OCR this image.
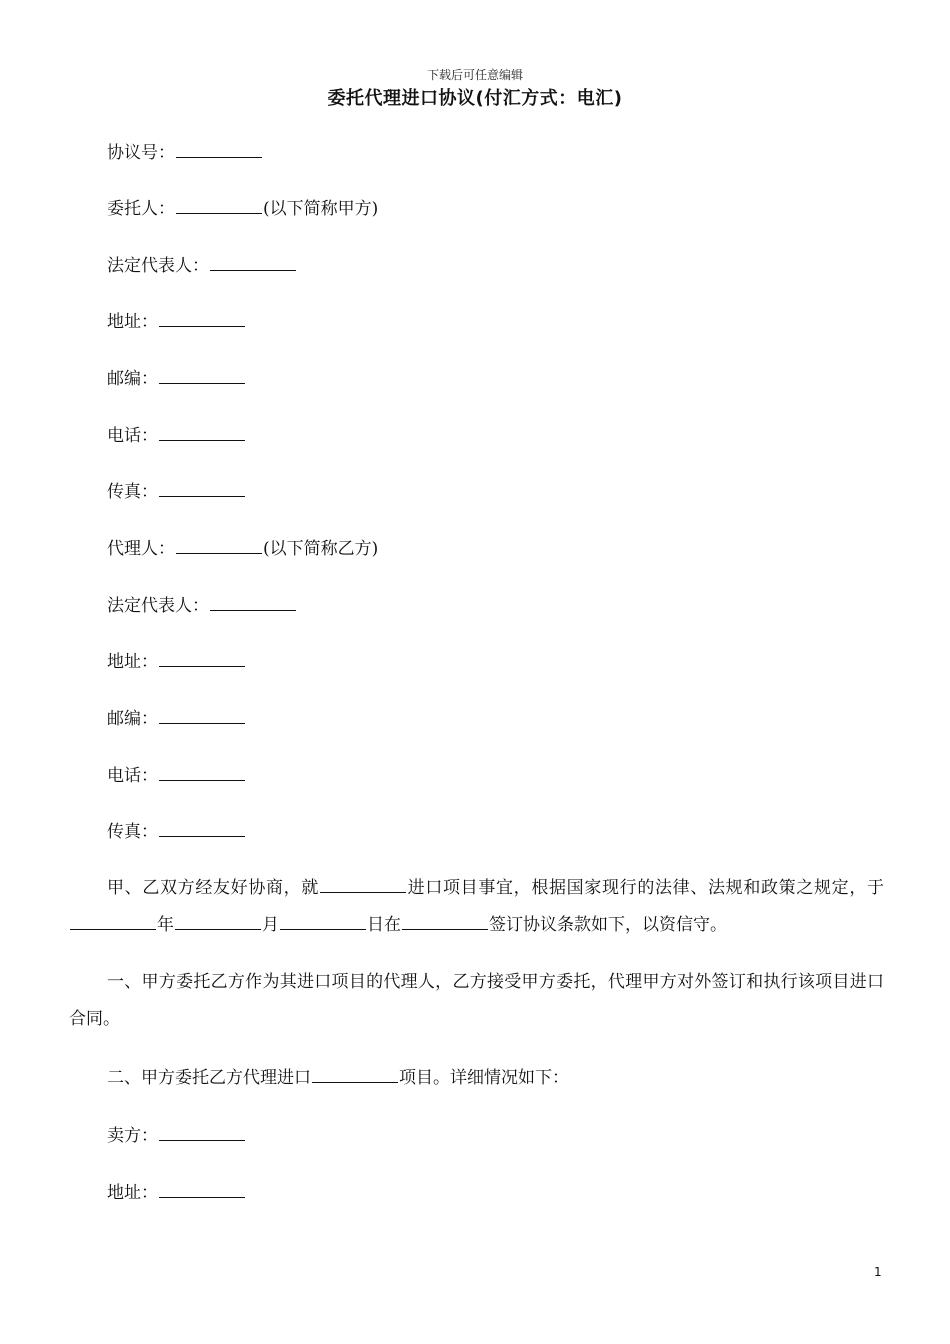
下载后可任意编辑
委托代理进口协议(付汇方式：电汇)
协议号：
委托人：	(以下简称甲方)
法定代表人：
地址：
邮编：
电话：
传真：
代理人：	(以下简称乙方)
法定代表人：
地址：
邮编：
电话：
传真：
甲、乙双方经友好协商，就	进口项目事宜，根据国家现行的法律、法规和政策之规定，于年	月	日在	签订协议条款如下，以资信守。
一、甲方委托乙方作为其进口项目的代理人，乙方接受甲方委托，代理甲方对外签订和执行该项目进口合同。
二、甲方委托乙方代理进口	项目。详细情况如下：
卖方：
地址：
1
